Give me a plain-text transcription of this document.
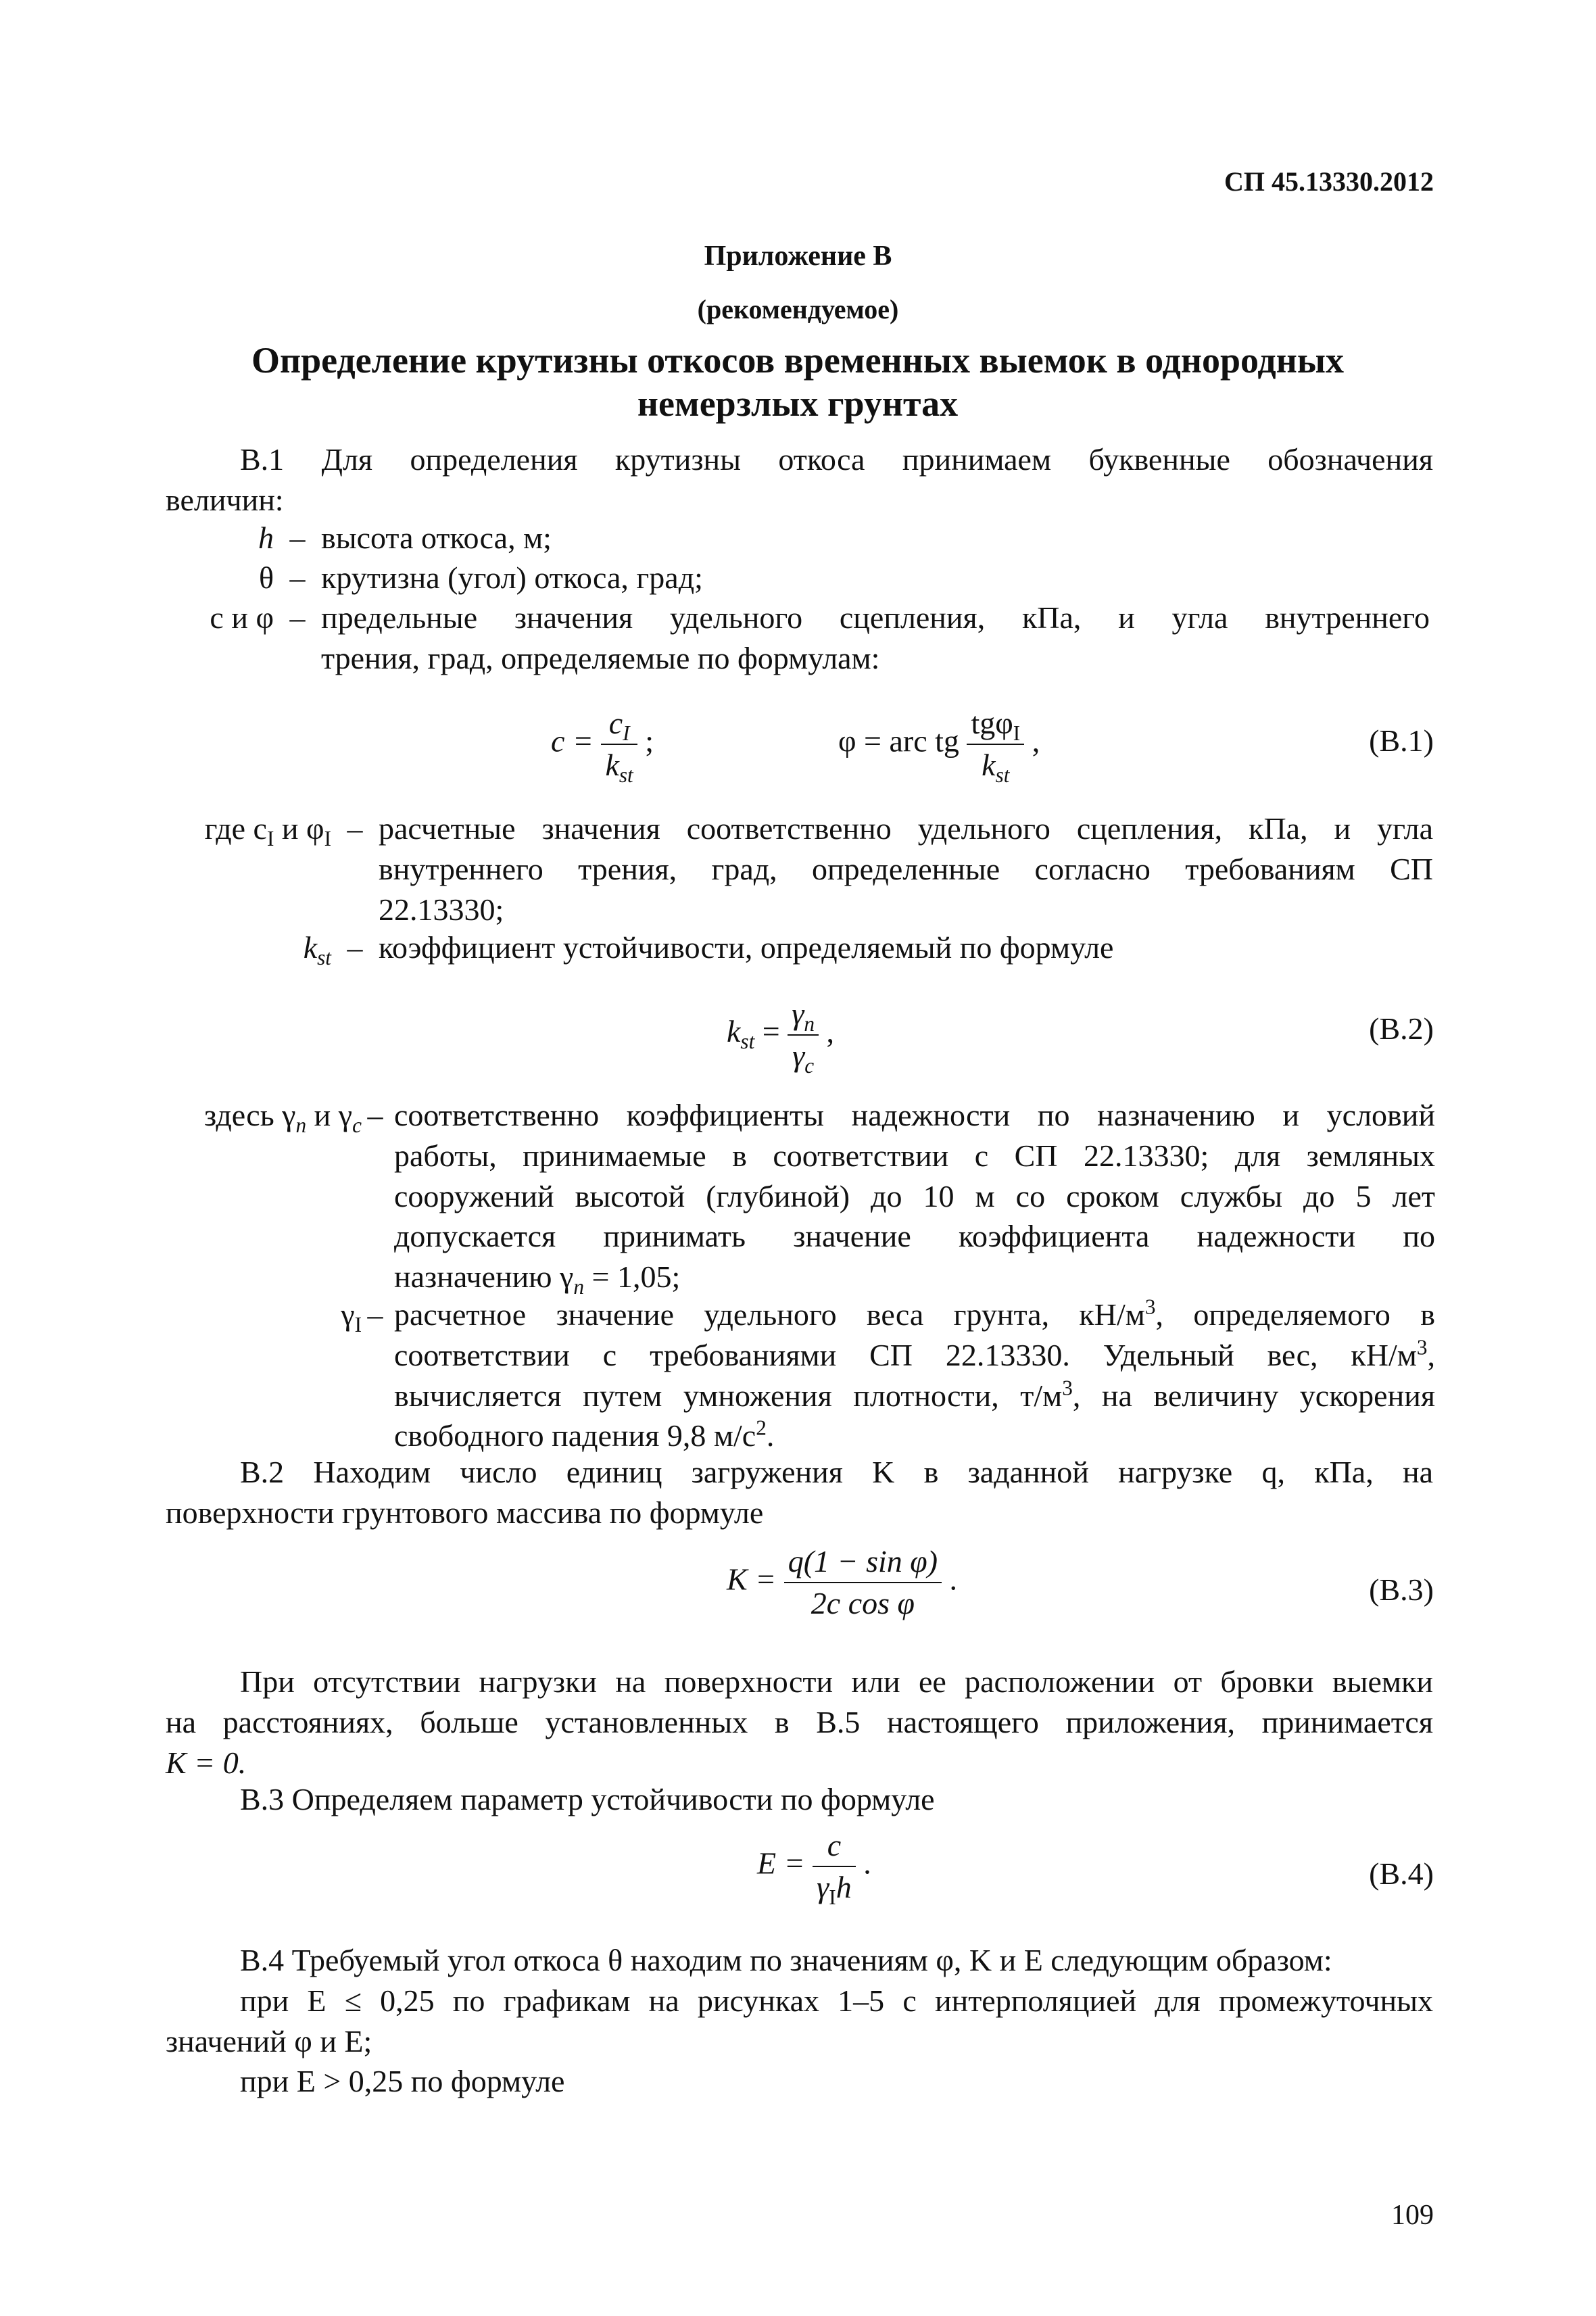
СП 45.13330.2012
Приложение В
(рекомендуемое)
Определение крутизны откосов временных выемок в однородных
немерзлых грунтах

В.1 Для определения крутизны откоса принимаем буквенные обозначения

величин:

h – высота откоса, м;
θ – крутизна (угол) откоса, град;
c и φ – предельные значения удельного сцепления, кПа, и угла внутреннего

трения, град, определяемые по формулам:

$c = \frac{c_I}{k_{st}}$ ;	φ = arc tg $\frac{tg\varphi_I}{k_{st}}$ ,	(В.1)
где $c_I$ и $\varphi_I$ – расчетные значения соответственно удельного сцепления, кПа, и угла

внутреннего трения, град, определенные согласно требованиям СП

22.13330;

$k_{st}$ – коэффициент устойчивости, определяемый по формуле
$k_{st} = \frac{\gamma_n}{\gamma_c}$ ,	(В.2)
здесь $\gamma_n$ и $\gamma_c$ – соответственно коэффициенты надежности по назначению и условий

работы, принимаемые в соответствии с СП 22.13330; для земляных

сооружений высотой (глубиной) до 10 м со сроком службы до 5 лет

допускается принимать значение коэффициента надежности по

назначению $\gamma_n = 1,05$;

$\gamma_I$ – расчетное значение удельного веса грунта, $кН/м^3$, определяемого в

соответствии с требованиями СП 22.13330. Удельный вес, $кН/м^3$,

вычисляется путем умножения плотности, $т/м^3$, на величину ускорения

свободного падения 9,8 $м/с^2$.

В.2 Находим число единиц загружения K в заданной нагрузке q, кПа, на

поверхности грунтового массива по формуле

$K = \frac{\text{q(1 − sin φ)}}{\text{2c cos φ}}$ .	(В.3)

При отсутствии нагрузки на поверхности или ее расположении от бровки выемки

на расстояниях, больше установленных в В.5 настоящего приложения, принимается

K = 0.

В.3 Определяем параметр устойчивости по формуле

$E = \frac{c}{\gamma_Ih}$ .	(В.4)

В.4 Требуемый угол откоса θ находим по значениям φ, K и E следующим образом:

при E ≤ 0,25 по графикам на рисунках 1–5 с интерполяцией для промежуточных

значений φ и E;

при E > 0,25 по формуле

109
